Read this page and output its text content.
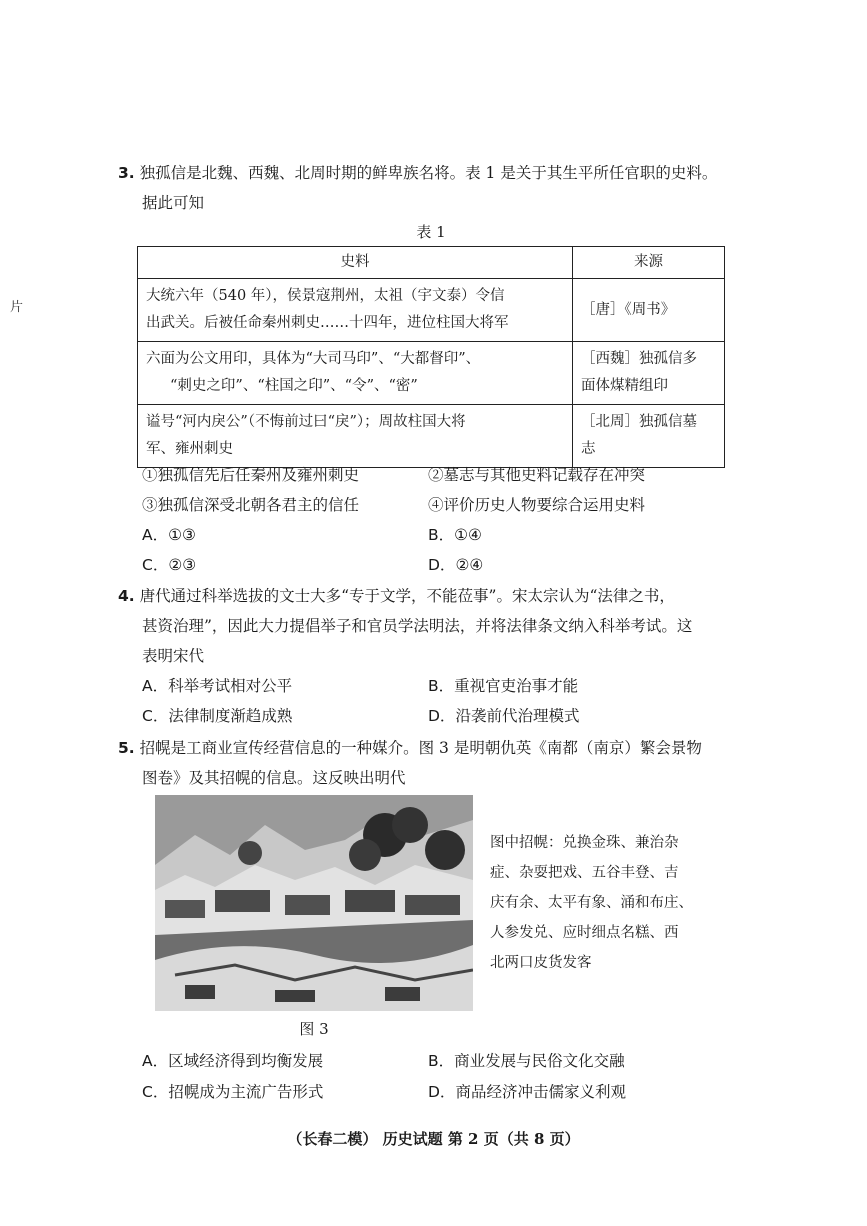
片
3. 独孤信是北魏、西魏、北周时期的鲜卑族名将。表 1 是关于其生平所任官职的史料。
据此可知
表 1
史料	来源

大统六年（540 年），侯景寇荆州，太祖（宇文泰）令信
出武关。后被任命秦州刺史……十四年，进位柱国大将军	［唐］《周书》

六面为公文用印，具体为“大司马印”、“大都督印”、
“刺史之印”、“柱国之印”、“令”、“密”	［西魏］独孤信多
面体煤精组印

谥号“河内戾公”（不悔前过曰“戾”）；周故柱国大将
军、雍州刺史	［北周］独孤信墓
志
①独孤信先后任秦州及雍州刺史	②墓志与其他史料记载存在冲突
③独孤信深受北朝各君主的信任	④评价历史人物要综合运用史料
A．①③	B．①④
C．②③	D．②④
4. 唐代通过科举选拔的文士大多“专于文学，不能莅事”。宋太宗认为“法律之书，
甚资治理”，因此大力提倡举子和官员学法明法，并将法律条文纳入科举考试。这
表明宋代
A．科举考试相对公平	B．重视官吏治事才能
C．法律制度渐趋成熟	D．沿袭前代治理模式
5. 招幌是工商业宣传经营信息的一种媒介。图 3 是明朝仇英《南都（南京）繁会景物
图卷》及其招幌的信息。这反映出明代
图中招幌：兑换金珠、兼治杂
症、杂耍把戏、五谷丰登、吉
庆有余、太平有象、涌和布庄、
人参发兑、应时细点名糕、西
北两口皮货发客
图 3
A．区域经济得到均衡发展	B．商业发展与民俗文化交融
C．招幌成为主流广告形式	D．商品经济冲击儒家义利观
（长春二模） 历史试题 第 2 页（共 8 页）
